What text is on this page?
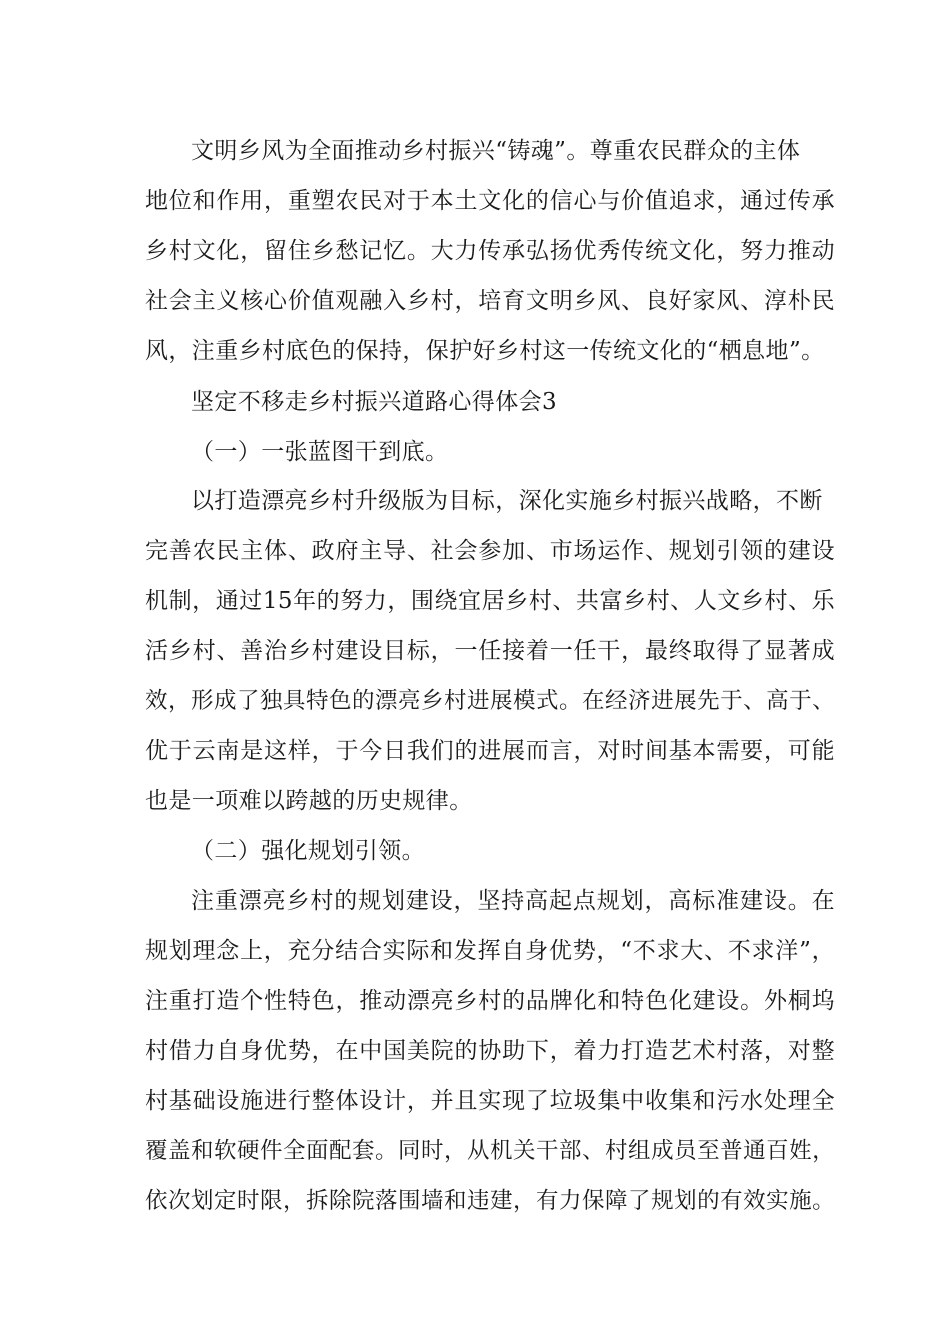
文明乡风为全面推动乡村振兴“铸魂”。尊重农民群众的主体
地位和作用，重塑农民对于本土文化的信心与价值追求，通过传承
乡村文化，留住乡愁记忆。大力传承弘扬优秀传统文化，努力推动
社会主义核心价值观融入乡村，培育文明乡风、良好家风、淳朴民
风，注重乡村底色的保持，保护好乡村这一传统文化的“栖息地”。
坚定不移走乡村振兴道路心得体会3
（一）一张蓝图干到底。
以打造漂亮乡村升级版为目标，深化实施乡村振兴战略，不断
完善农民主体、政府主导、社会参加、市场运作、规划引领的建设
机制，通过15年的努力，围绕宜居乡村、共富乡村、人文乡村、乐
活乡村、善治乡村建设目标，一任接着一任干，最终取得了显著成
效，形成了独具特色的漂亮乡村进展模式。在经济进展先于、高于、
优于云南是这样，于今日我们的进展而言，对时间基本需要，可能
也是一项难以跨越的历史规律。
（二）强化规划引领。
注重漂亮乡村的规划建设，坚持高起点规划，高标准建设。在
规划理念上，充分结合实际和发挥自身优势，“不求大、不求洋”，
注重打造个性特色，推动漂亮乡村的品牌化和特色化建设。外桐坞
村借力自身优势，在中国美院的协助下，着力打造艺术村落，对整
村基础设施进行整体设计，并且实现了垃圾集中收集和污水处理全
覆盖和软硬件全面配套。同时，从机关干部、村组成员至普通百姓，
依次划定时限，拆除院落围墙和违建，有力保障了规划的有效实施。
